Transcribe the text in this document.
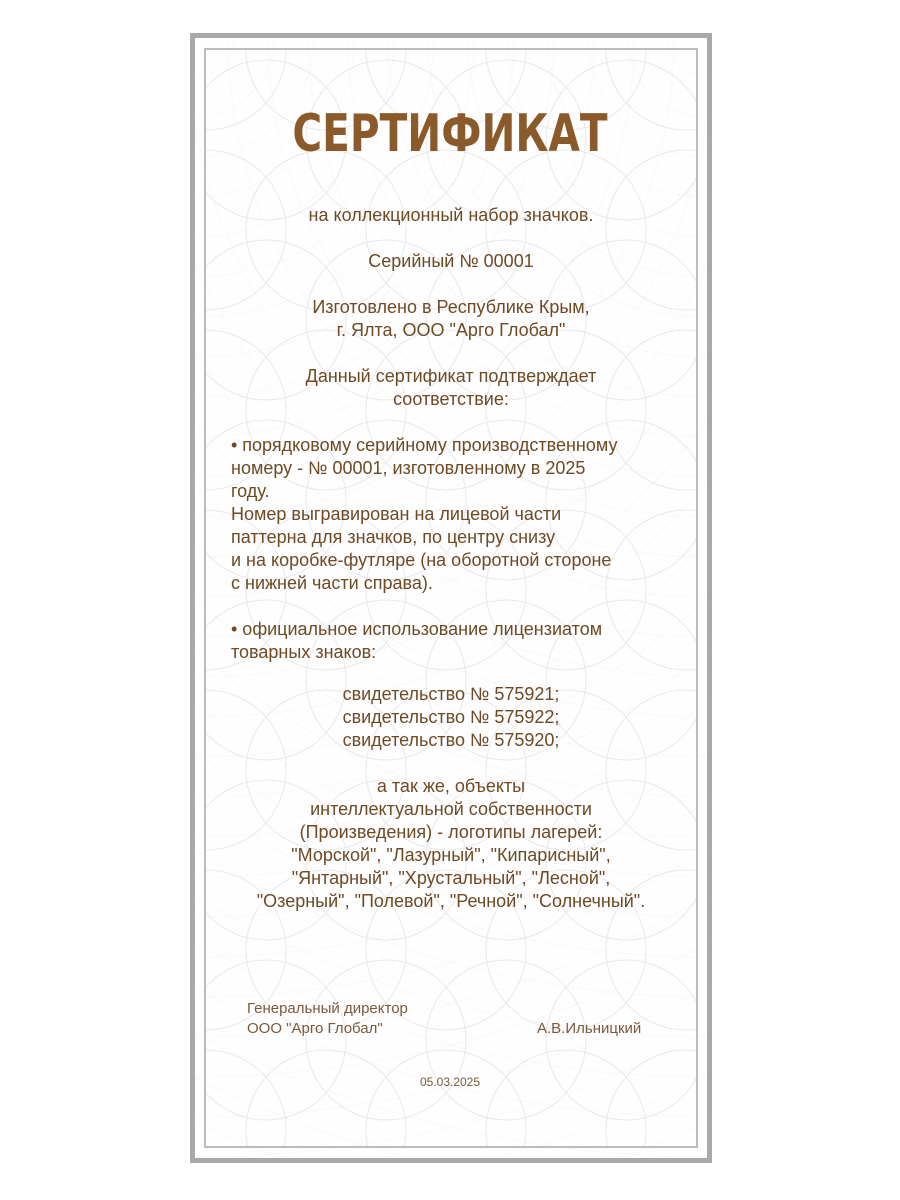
СЕРТИФИКАТ
на коллекционный набор значков.
Серийный № 00001
Изготовлено в Республике Крым,
г. Ялта, ООО "Арго Глобал"
Данный сертификат подтверждает
соответствие:
• порядковому серийному производственному
номеру - № 00001, изготовленному в 2025
году.
Номер выгравирован на лицевой части
паттерна для значков, по центру снизу
и на коробке-футляре (на оборотной стороне
с нижней части справа).
• официальное использование лицензиатом
товарных знаков:
свидетельство № 575921;
свидетельство № 575922;
свидетельство № 575920;
а так же, объекты
интеллектуальной собственности
(Произведения) - логотипы лагерей:
"Морской", "Лазурный", "Кипарисный",
"Янтарный", "Хрустальный", "Лесной",
"Озерный", "Полевой", "Речной", "Солнечный".
Генеральный директор
ООО "Арго Глобал"	А.В.Ильницкий
05.03.2025
